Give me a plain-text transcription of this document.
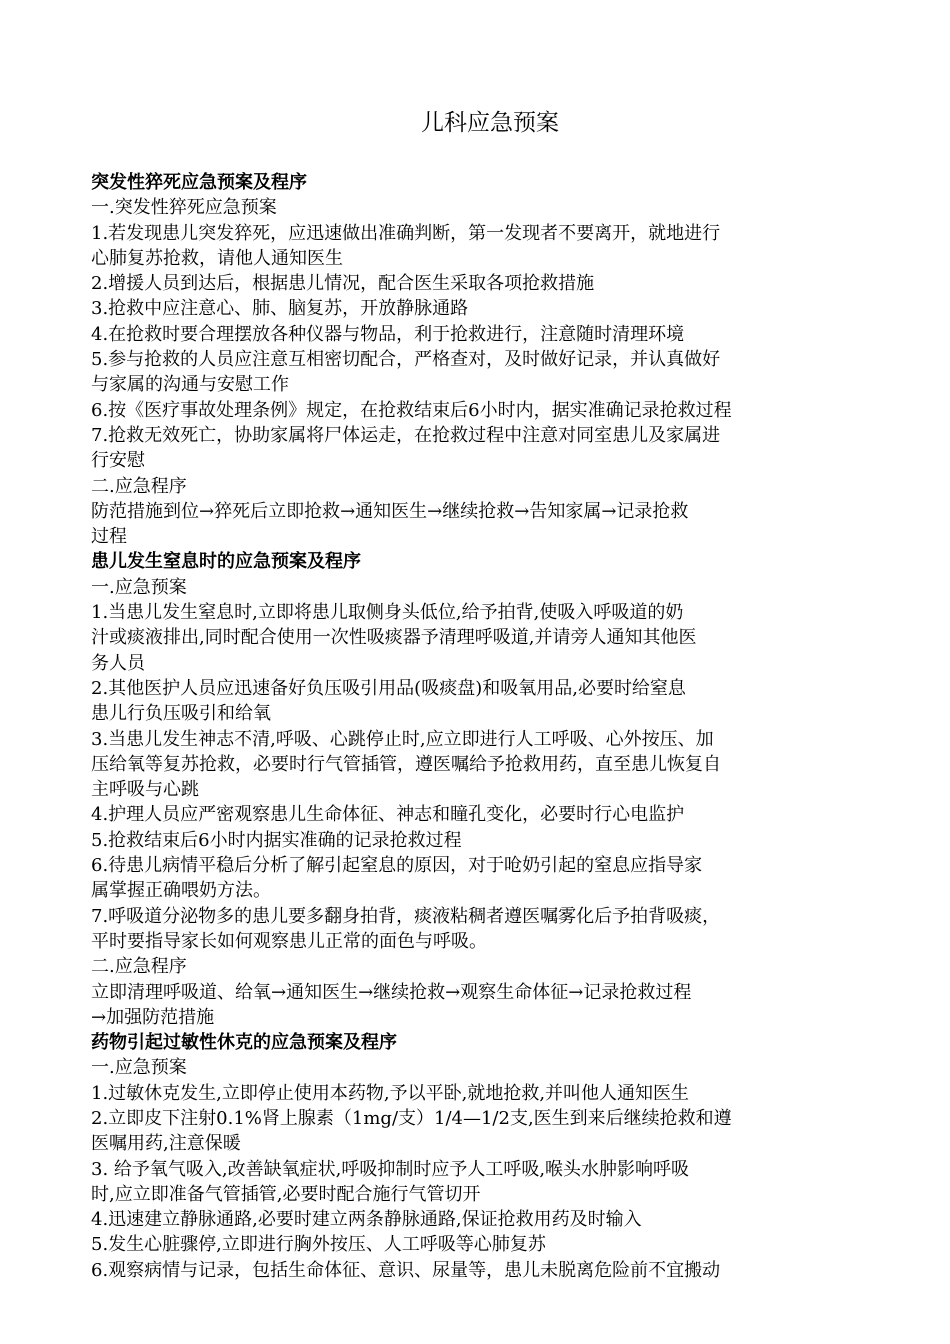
儿科应急预案
突发性猝死应急预案及程序
一.突发性猝死应急预案
1.若发现患儿突发猝死，应迅速做出准确判断，第一发现者不要离开，就地进行
心肺复苏抢救，请他人通知医生
2.增援人员到达后，根据患儿情况，配合医生采取各项抢救措施
3.抢救中应注意心、肺、脑复苏，开放静脉通路
4.在抢救时要合理摆放各种仪器与物品，利于抢救进行，注意随时清理环境
5.参与抢救的人员应注意互相密切配合，严格查对，及时做好记录，并认真做好
与家属的沟通与安慰工作
6.按《医疗事故处理条例》规定，在抢救结束后6小时内，据实准确记录抢救过程
7.抢救无效死亡，协助家属将尸体运走，在抢救过程中注意对同室患儿及家属进
行安慰
二.应急程序
防范措施到位→猝死后立即抢救→通知医生→继续抢救→告知家属→记录抢救
过程
患儿发生窒息时的应急预案及程序
一.应急预案
1.当患儿发生窒息时,立即将患儿取侧身头低位,给予拍背,使吸入呼吸道的奶
汁或痰液排出,同时配合使用一次性吸痰器予清理呼吸道,并请旁人通知其他医
务人员
2.其他医护人员应迅速备好负压吸引用品(吸痰盘)和吸氧用品,必要时给窒息
患儿行负压吸引和给氧
3.当患儿发生神志不清,呼吸、心跳停止时,应立即进行人工呼吸、心外按压、加
压给氧等复苏抢救，必要时行气管插管，遵医嘱给予抢救用药，直至患儿恢复自
主呼吸与心跳
4.护理人员应严密观察患儿生命体征、神志和瞳孔变化，必要时行心电监护
5.抢救结束后6小时内据实准确的记录抢救过程
6.待患儿病情平稳后分析了解引起窒息的原因，对于呛奶引起的窒息应指导家
属掌握正确喂奶方法。
7.呼吸道分泌物多的患儿要多翻身拍背，痰液粘稠者遵医嘱雾化后予拍背吸痰，
平时要指导家长如何观察患儿正常的面色与呼吸。
二.应急程序
立即清理呼吸道、给氧→通知医生→继续抢救→观察生命体征→记录抢救过程
→加强防范措施
药物引起过敏性休克的应急预案及程序
一.应急预案
1.过敏休克发生,立即停止使用本药物,予以平卧,就地抢救,并叫他人通知医生
2.立即皮下注射0.1%肾上腺素（1mg/支）1/4—1/2支,医生到来后继续抢救和遵
医嘱用药,注意保暖
3. 给予氧气吸入,改善缺氧症状,呼吸抑制时应予人工呼吸,喉头水肿影响呼吸
时,应立即准备气管插管,必要时配合施行气管切开
4.迅速建立静脉通路,必要时建立两条静脉通路,保证抢救用药及时输入
5.发生心脏骤停,立即进行胸外按压、人工呼吸等心肺复苏
6.观察病情与记录，包括生命体征、意识、尿量等，患儿未脱离危险前不宜搬动
